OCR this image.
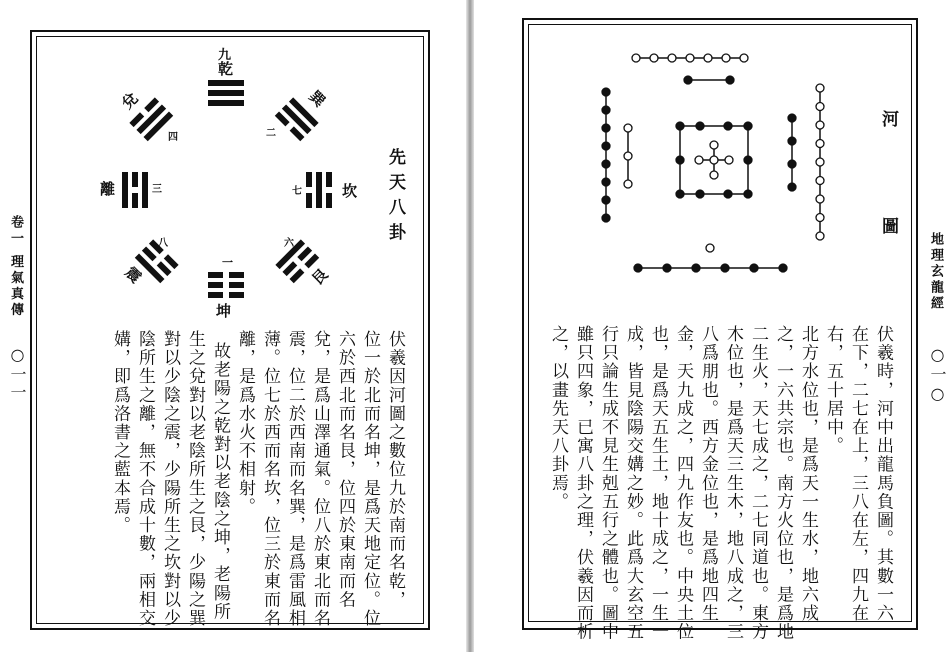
卷一 理氣真傳
○一一
九
乾
兌
四
巽
二
離	三	坎
七
震
八
艮
六
一
坤
先天八卦
伏羲因河圖之數位九於南而名乾，
位一於北而名坤，是爲天地定位。位
六於西北而名艮，位四於東南而名
兌，是爲山澤通氣。位八於東北而名
震，位二於西南而名巽，是爲雷風相
薄。位七於西而名坎，位三於東而名
離，是爲水火不相射。
故老陽之乾對以老陰之坤，老陽所
生之兌對以老陰所生之艮，少陽之巽
對以少陰之震，少陽所生之坎對以少
陰所生之離，無不合成十數，兩相交
媾，即爲洛書之藍本焉。
地理玄龍經
○一○
河圖
伏羲時，河中出龍馬負圖。其數一六
在下，二七在上，三八在左，四九在
右，五十居中。
北方水位也，是爲天一生水，地六成
之，一六共宗也。南方火位也，是爲地
二生火，天七成之，二七同道也。東方
木位也，是爲天三生木，地八成之，三
八爲朋也。西方金位也，是爲地四生
金，天九成之，四九作友也。中央土位
也，是爲天五生土，地十成之，一生一
成，皆見陰陽交媾之妙。此爲大玄空五
行只論生成不見生剋五行之體也。圖中
雖只四象，已寓八卦之理，伏羲因而析
之，以畫先天八卦焉。
